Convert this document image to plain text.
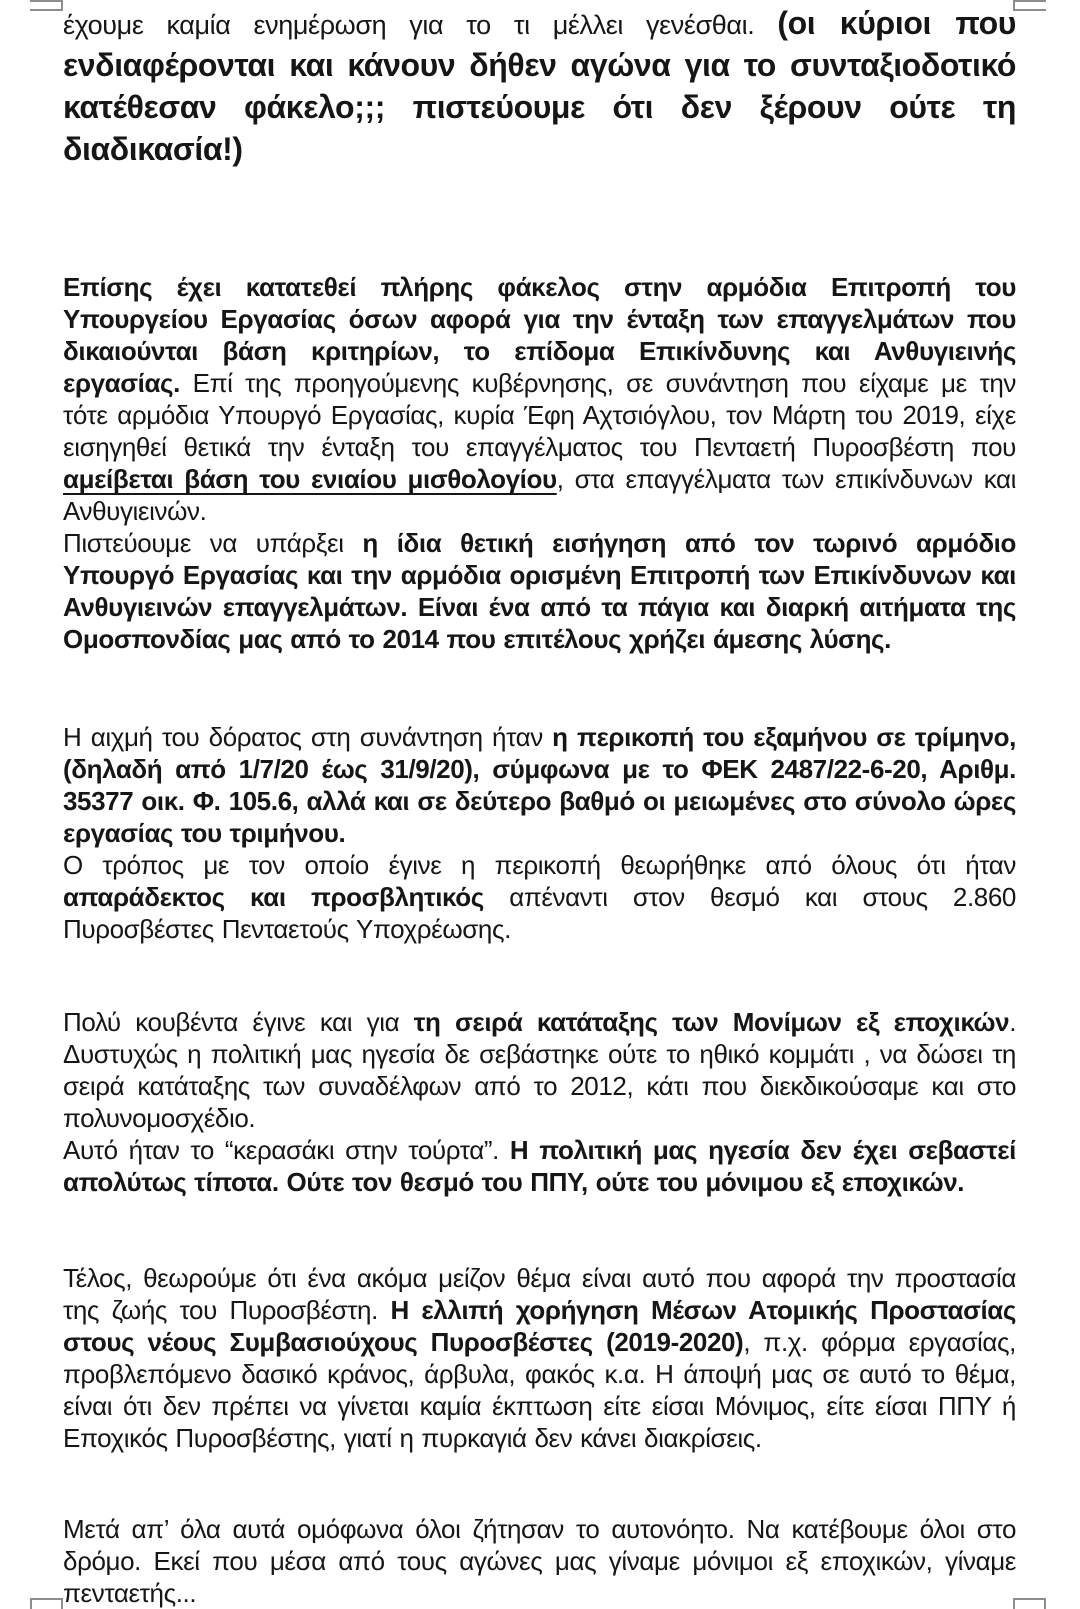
έχουμε καμία ενημέρωση για το τι μέλλει γενέσθαι. (οι κύριοι που ενδιαφέρονται και κάνουν δήθεν αγώνα για το συνταξιοδοτικό κατέθεσαν φάκελο;;; πιστεύουμε ότι δεν ξέρουν ούτε τη διαδικασία!)

Επίσης έχει κατατεθεί πλήρης φάκελος στην αρμόδια Επιτροπή του Υπουργείου Εργασίας όσων αφορά για την ένταξη των επαγγελμάτων που δικαιούνται βάση κριτηρίων, το επίδομα Επικίνδυνης και Ανθυγιεινής εργασίας. Επί της προηγούμενης κυβέρνησης, σε συνάντηση που είχαμε με την τότε αρμόδια Υπουργό Εργασίας, κυρία Έφη Αχτσιόγλου, τον Μάρτη του 2019, είχε εισηγηθεί θετικά την ένταξη του επαγγέλματος του Πενταετή Πυροσβέστη που αμείβεται βάση του ενιαίου μισθολογίου, στα επαγγέλματα των επικίνδυνων και Ανθυγιεινών.

Πιστεύουμε να υπάρξει η ίδια θετική εισήγηση από τον τωρινό αρμόδιο Υπουργό Εργασίας και την αρμόδια ορισμένη Επιτροπή των Επικίνδυνων και Ανθυγιεινών επαγγελμάτων. Είναι ένα από τα πάγια και διαρκή αιτήματα της Ομοσπονδίας μας από το 2014 που επιτέλους χρήζει άμεσης λύσης.

Η αιχμή του δόρατος στη συνάντηση ήταν η περικοπή του εξαμήνου σε τρίμηνο, (δηλαδή από 1/7/20 έως 31/9/20), σύμφωνα με το ΦΕΚ 2487/22-6-20, Αριθμ. 35377 οικ. Φ. 105.6, αλλά και σε δεύτερο βαθμό οι μειωμένες στο σύνολο ώρες εργασίας του τριμήνου.

Ο τρόπος με τον οποίο έγινε η περικοπή θεωρήθηκε από όλους ότι ήταν απαράδεκτος και προσβλητικός απέναντι στον θεσμό και στους 2.860 Πυροσβέστες Πενταετούς Υποχρέωσης.

Πολύ κουβέντα έγινε και για τη σειρά κατάταξης των Μονίμων εξ εποχικών. Δυστυχώς η πολιτική μας ηγεσία δε σεβάστηκε ούτε το ηθικό κομμάτι , να δώσει τη σειρά κατάταξης των συναδέλφων από το 2012, κάτι που διεκδικούσαμε και στο πολυνομοσχέδιο.

Αυτό ήταν το “κερασάκι στην τούρτα”. Η πολιτική μας ηγεσία δεν έχει σεβαστεί απολύτως τίποτα. Ούτε τον θεσμό του ΠΠΥ, ούτε του μόνιμου εξ εποχικών.

Τέλος, θεωρούμε ότι ένα ακόμα μείζον θέμα είναι αυτό που αφορά την προστασία της ζωής του Πυροσβέστη. Η ελλιπή χορήγηση Μέσων Ατομικής Προστασίας στους νέους Συμβασιούχους Πυροσβέστες (2019-2020), π.χ. φόρμα εργασίας, προβλεπόμενο δασικό κράνος, άρβυλα, φακός κ.α. Η άποψή μας σε αυτό το θέμα, είναι ότι δεν πρέπει να γίνεται καμία έκπτωση είτε είσαι Μόνιμος, είτε είσαι ΠΠΥ ή Εποχικός Πυροσβέστης, γιατί η πυρκαγιά δεν κάνει διακρίσεις.

Μετά απ’ όλα αυτά ομόφωνα όλοι ζήτησαν το αυτονόητο. Να κατέβουμε όλοι στο δρόμο. Εκεί που μέσα από τους αγώνες μας γίναμε μόνιμοι εξ εποχικών, γίναμε πενταετής...
